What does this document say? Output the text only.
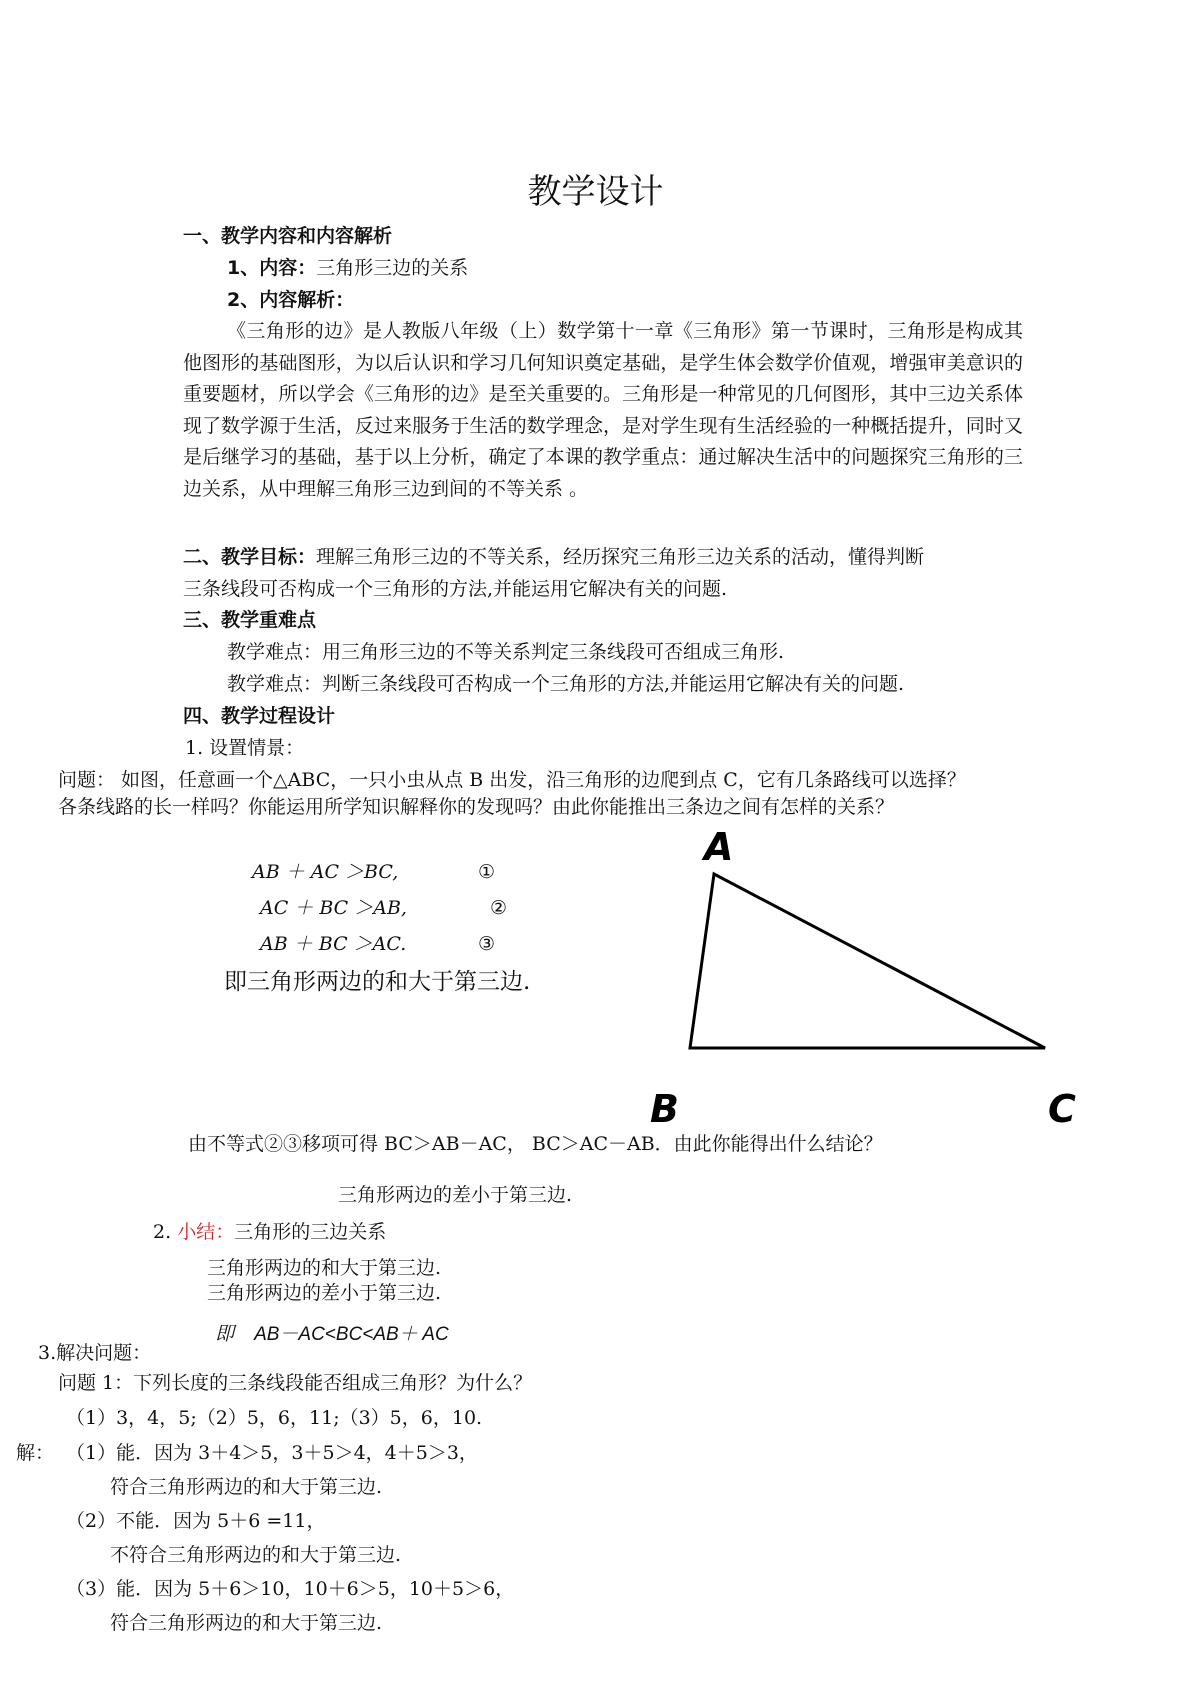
教学设计
一、教学内容和内容解析
1、内容：三角形三边的关系
2、内容解析：
《三角形的边》是人教版八年级（上）数学第十一章《三角形》第一节课时，三角形是构成其他图形的基础图形，为以后认识和学习几何知识奠定基础，是学生体会数学价值观，增强审美意识的重要题材，所以学会《三角形的边》是至关重要的。三角形是一种常见的几何图形，其中三边关系体现了数学源于生活，反过来服务于生活的数学理念，是对学生现有生活经验的一种概括提升，同时又是后继学习的基础，基于以上分析，确定了本课的教学重点：通过解决生活中的问题探究三角形的三边关系，从中理解三角形三边到间的不等关系 。
二、教学目标：理解三角形三边的不等关系，经历探究三角形三边关系的活动，懂得判断
三条线段可否构成一个三角形的方法,并能运用它解决有关的问题.
三、教学重难点
教学难点：用三角形三边的不等关系判定三条线段可否组成三角形.
教学难点：判断三条线段可否构成一个三角形的方法,并能运用它解决有关的问题.
四、教学过程设计
1. 设置情景：
问题： 如图，任意画一个△ABC，一只小虫从点 B 出发，沿三角形的边爬到点 C，它有几条路线可以选择？
各条线路的长一样吗？你能运用所学知识解释你的发现吗？由此你能推出三条边之间有怎样的关系？
AB ＋ AC ＞BC,	①
AC ＋ BC ＞AB,	②
AB ＋ BC ＞AC.	③
即三角形两边的和大于第三边.
A
B	C
由不等式②③移项可得 BC＞AB－AC， BC＞AC－AB．由此你能得出什么结论？
三角形两边的差小于第三边.
2. 小结：三角形的三边关系
三角形两边的和大于第三边.
三角形两边的差小于第三边.
即 AB－AC<BC<AB＋ AC
3.解决问题：
问题 1：下列长度的三条线段能否组成三角形？为什么？
（1）3，4，5;（2）5，6，11;（3）5，6，10.
解： （1）能．因为 3＋4＞5，3＋5＞4，4＋5＞3，
符合三角形两边的和大于第三边.
（2）不能．因为 5＋6 =11，
不符合三角形两边的和大于第三边.
（3）能．因为 5＋6＞10，10＋6＞5，10＋5＞6，
符合三角形两边的和大于第三边.
